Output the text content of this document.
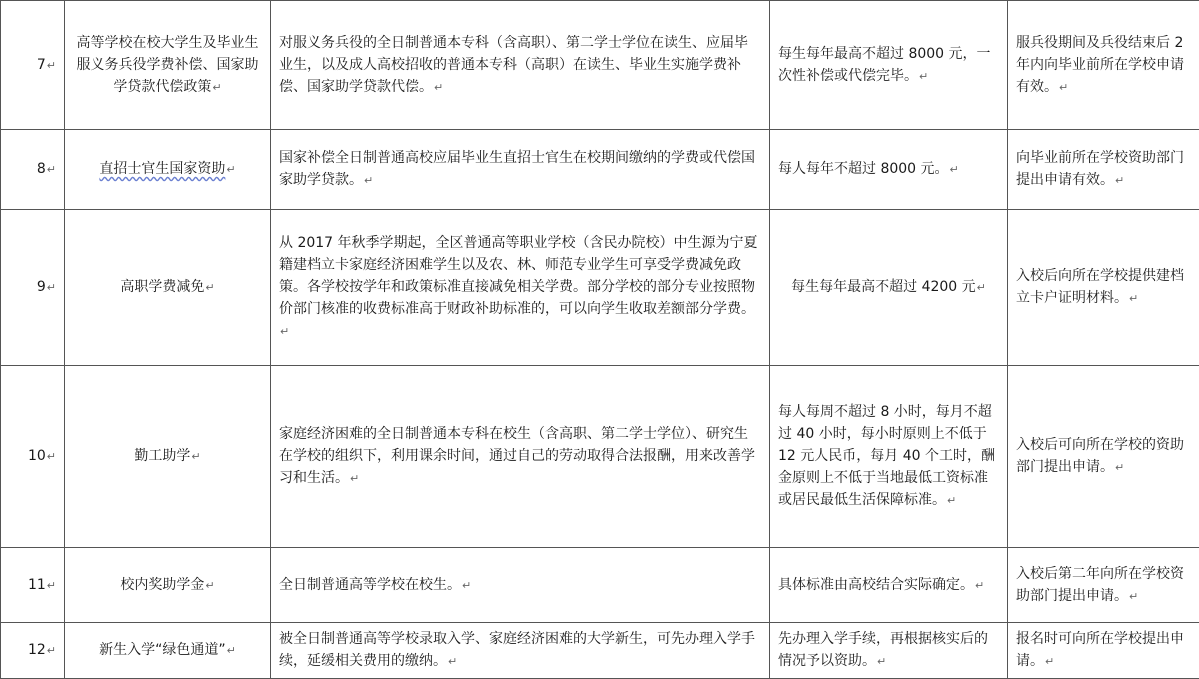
7↵	高等学校在校大学生及毕业生服义务兵役学费补偿、国家助学贷款代偿政策↵	对服义务兵役的全日制普通本专科（含高职）、第二学士学位在读生、应届毕业生，以及成人高校招收的普通本专科（高职）在读生、毕业生实施学费补偿、国家助学贷款代偿。↵	每生每年最高不超过 8000 元，一次性补偿或代偿完毕。↵	服兵役期间及兵役结束后 2 年内向毕业前所在学校申请有效。↵
8↵	直招士官生国家资助↵	国家补偿全日制普通高校应届毕业生直招士官生在校期间缴纳的学费或代偿国家助学贷款。↵	每人每年不超过 8000 元。↵	向毕业前所在学校资助部门提出申请有效。↵
9↵	高职学费减免↵	从 2017 年秋季学期起，全区普通高等职业学校（含民办院校）中生源为宁夏籍建档立卡家庭经济困难学生以及农、林、师范专业学生可享受学费减免政策。各学校按学年和政策标准直接减免相关学费。部分学校的部分专业按照物价部门核准的收费标准高于财政补助标准的，可以向学生收取差额部分学费。↵	每生每年最高不超过 4200 元↵	入校后向所在学校提供建档立卡户证明材料。↵
10↵	勤工助学↵	家庭经济困难的全日制普通本专科在校生（含高职、第二学士学位）、研究生在学校的组织下，利用课余时间，通过自己的劳动取得合法报酬，用来改善学习和生活。↵	每人每周不超过 8 小时，每月不超过 40 小时，每小时原则上不低于 12 元人民币，每月 40 个工时，酬金原则上不低于当地最低工资标准或居民最低生活保障标准。↵	入校后可向所在学校的资助部门提出申请。↵
11↵	校内奖助学金↵	全日制普通高等学校在校生。↵	具体标准由高校结合实际确定。↵	入校后第二年向所在学校资助部门提出申请。↵
12↵	新生入学“绿色通道”↵	被全日制普通高等学校录取入学、家庭经济困难的大学新生，可先办理入学手续，延缓相关费用的缴纳。↵	先办理入学手续，再根据核实后的情况予以资助。↵	报名时可向所在学校提出申请。↵
